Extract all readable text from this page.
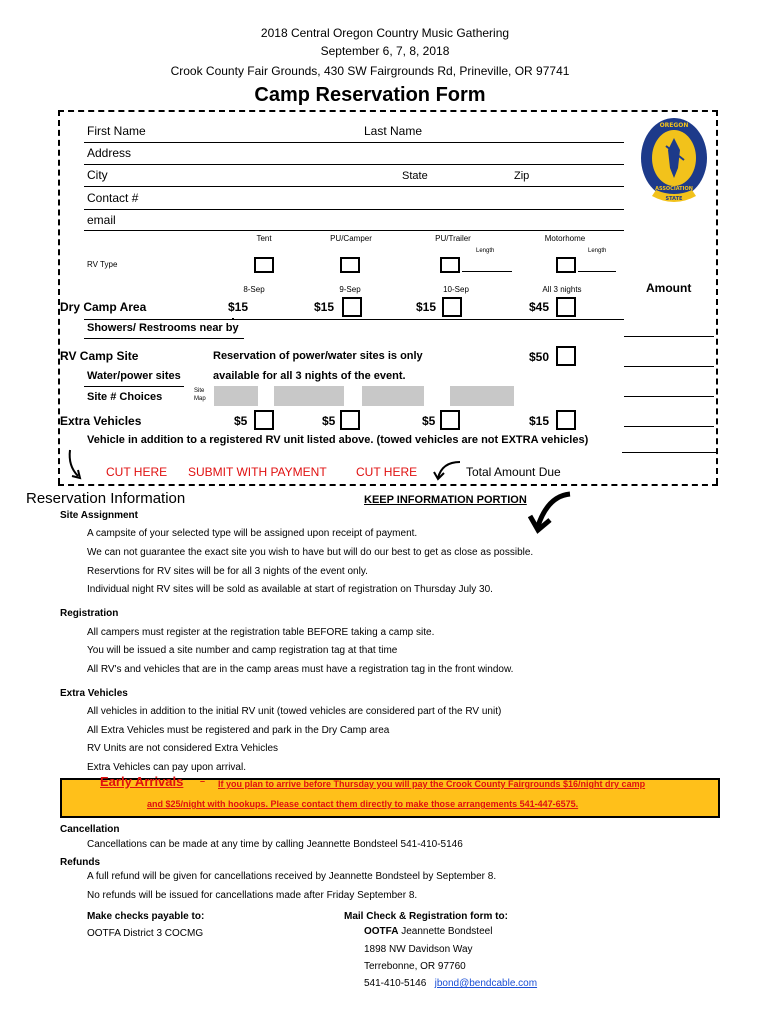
2018 Central Oregon Country Music Gathering
September 6, 7, 8, 2018
Crook County Fair Grounds, 430 SW Fairgrounds Rd, Prineville, OR 97741
Camp Reservation Form
OREGON
ASSOCIATION
STATE
First Name	Last Name
Address
City	State	Zip
Contact #
email
Tent	PU/Camper	PU/Trailer	Motorhome
Length	Length
RV Type
Amount
8-Sep	9-Sep	10-Sep	All 3 nights
Dry Camp Area	$15	$15	$15	$45
Showers/ Restrooms near by
RV Camp Site	Reservation of power/water sites is only	$50
Water/power sites	available for all 3 nights of the event.
Site # Choices	Site
Map
Extra Vehicles	$5	$5	$5	$15
Vehicle in addition to a registered RV unit listed above. (towed vehicles are not EXTRA vehicles)
CUT HERE SUBMIT WITH PAYMENT CUT HERE	Total Amount Due
Reservation Information	KEEP INFORMATION PORTION
Site Assignment
A campsite of your selected type will be assigned upon receipt of payment.
We can not guarantee the exact site you wish to have but will do our best to get as close as possible.
Reservtions for RV sites will be for all 3 nights of the event only.
Individual night RV sites will be sold as available at start of registration on Thursday July 30.
Registration
All campers must register at the registration table BEFORE taking a camp site.
You will be issued a site number and camp registration tag at that time
All RV's and vehicles that are in the camp areas must have a registration tag in the front window.
Extra Vehicles
All vehicles in addition to the initial RV unit (towed vehicles are considered part of the RV unit)
All Extra Vehicles must be registered and park in the Dry Camp area
RV Units are not considered Extra Vehicles
Extra Vehicles can pay upon arrival.
Early Arrivals – If you plan to arrive before Thursday you will pay the Crook County Fairgrounds $16/night dry camp
and $25/night with hookups. Please contact them directly to make those arrangements 541-447-6575.
Cancellation
Cancellations can be made at any time by calling Jeannette Bondsteel 541-410-5146
Refunds
A full refund will be given for cancellations received by Jeannette Bondsteel by September 8.
No refunds will be issued for cancellations made after Friday September 8.
Make checks payable to:
OOTFA District 3 COCMG
Mail Check & Registration form to:
OOTFA Jeannette Bondsteel
1898 NW Davidson Way
Terrebonne, OR 97760
541-410-5146 jbond@bendcable.com
